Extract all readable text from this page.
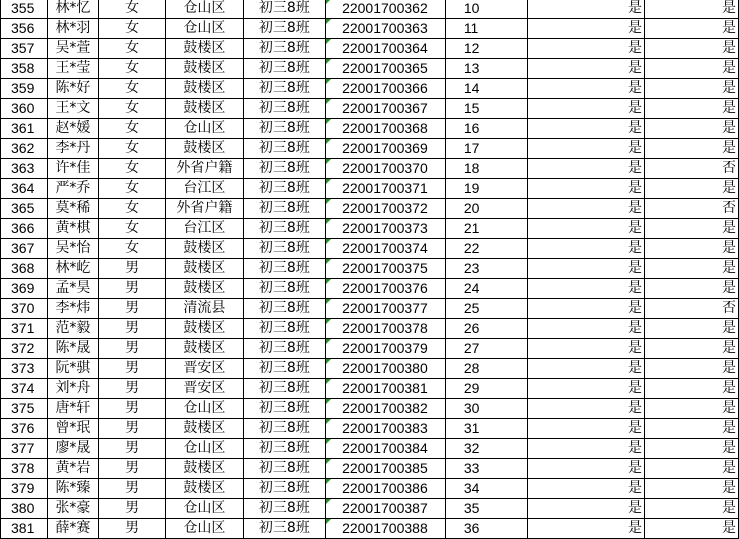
355	林*忆	女	仓山区	初三8班	22001700362	10	是	是
356	林*羽	女	仓山区	初三8班	22001700363	11	是	是
357	吴*萱	女	鼓楼区	初三8班	22001700364	12	是	是
358	王*莹	女	鼓楼区	初三8班	22001700365	13	是	是
359	陈*好	女	鼓楼区	初三8班	22001700366	14	是	是
360	王*文	女	鼓楼区	初三8班	22001700367	15	是	是
361	赵*媛	女	仓山区	初三8班	22001700368	16	是	是
362	李*丹	女	鼓楼区	初三8班	22001700369	17	是	是
363	许*佳	女	外省户籍	初三8班	22001700370	18	是	否
364	严*乔	女	台江区	初三8班	22001700371	19	是	是
365	莫*稀	女	外省户籍	初三8班	22001700372	20	是	否
366	黄*棋	女	台江区	初三8班	22001700373	21	是	是
367	吴*怡	女	鼓楼区	初三8班	22001700374	22	是	是
368	林*屹	男	鼓楼区	初三8班	22001700375	23	是	是
369	孟*昊	男	鼓楼区	初三8班	22001700376	24	是	是
370	李*炜	男	清流县	初三8班	22001700377	25	是	否
371	范*毅	男	鼓楼区	初三8班	22001700378	26	是	是
372	陈*晟	男	鼓楼区	初三8班	22001700379	27	是	是
373	阮*骐	男	晋安区	初三8班	22001700380	28	是	是
374	刘*舟	男	晋安区	初三8班	22001700381	29	是	是
375	唐*轩	男	仓山区	初三8班	22001700382	30	是	是
376	曾*珉	男	鼓楼区	初三8班	22001700383	31	是	是
377	廖*晟	男	仓山区	初三8班	22001700384	32	是	是
378	黄*岩	男	鼓楼区	初三8班	22001700385	33	是	是
379	陈*臻	男	鼓楼区	初三8班	22001700386	34	是	是
380	张*豪	男	仓山区	初三8班	22001700387	35	是	是
381	薛*赛	男	仓山区	初三8班	22001700388	36	是	是
